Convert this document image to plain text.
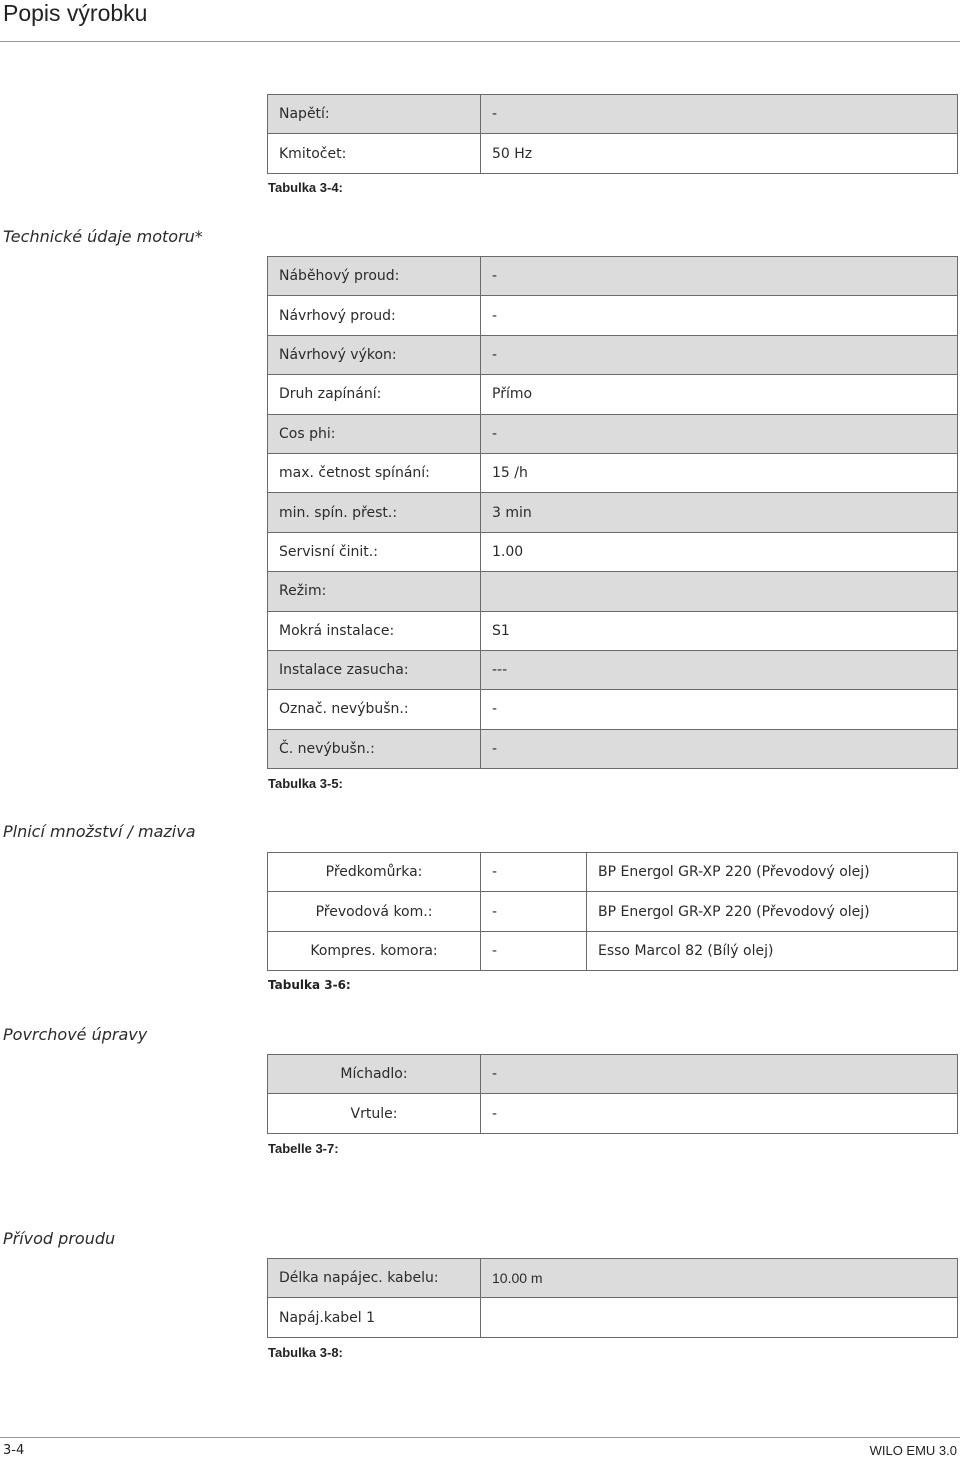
Popis výrobku
Napětí:	-
Kmitočet:	50 Hz
Tabulka 3-4:
Technické údaje motoru*
Náběhový proud:	-
Návrhový proud:	-
Návrhový výkon:	-
Druh zapínání:	Přímo
Cos phi:	-
max. četnost spínání:	15 /h
min. spín. přest.:	3 min
Servisní činit.:	1.00
Režim:
Mokrá instalace:	S1
Instalace zasucha:	---
Označ. nevýbušn.:	-
Č. nevýbušn.:	-
Tabulka 3-5:
Plnicí množství / maziva
Předkomůrka:	-	BP Energol GR-XP 220 (Převodový olej)
Převodová kom.:	-	BP Energol GR-XP 220 (Převodový olej)
Kompres. komora:	-	Esso Marcol 82 (Bílý olej)
Tabulka 3-6:
Povrchové úpravy
Míchadlo:	-
Vrtule:	-
Tabelle 3-7:
Přívod proudu
Délka napájec. kabelu:	10.00 m
Napáj.kabel 1
Tabulka 3-8:
3-4	WILO EMU 3.0
